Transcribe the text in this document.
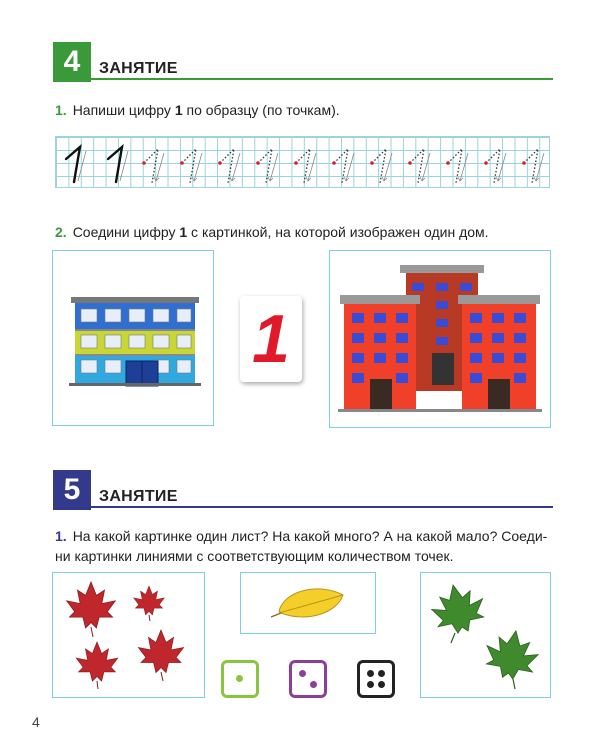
4	ЗАНЯТИЕ
1. Напиши цифру 1 по образцу (по точкам).
2. Соедини цифру 1 с картинкой, на которой изображен один дом.
1
5	ЗАНЯТИЕ
1. На какой картинке один лист? На какой много? А на какой мало? Соеди-
ни картинки линиями с соответствующим количеством точек.
4
